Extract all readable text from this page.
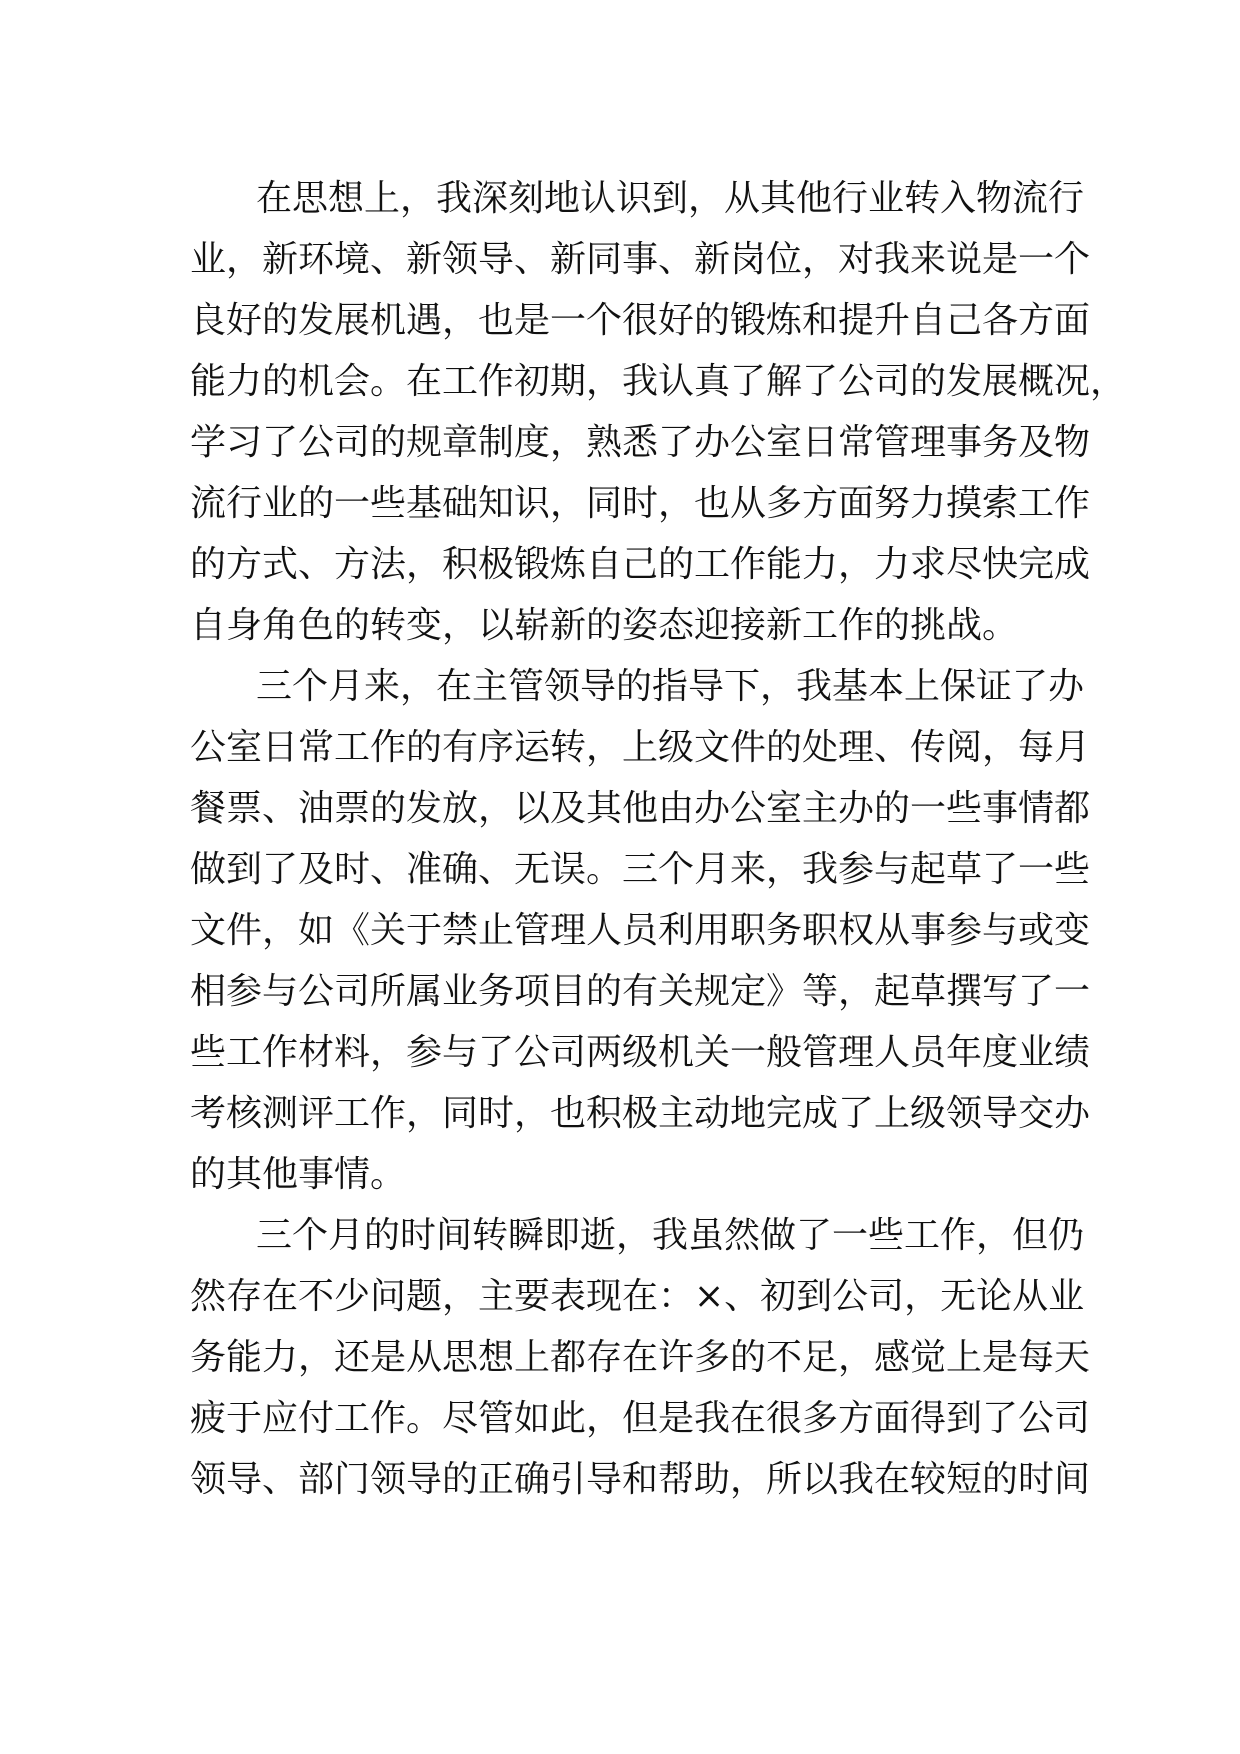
在思想上，我深刻地认识到，从其他行业转入物流行
业，新环境、新领导、新同事、新岗位，对我来说是一个
良好的发展机遇，也是一个很好的锻炼和提升自己各方面
能力的机会。在工作初期，我认真了解了公司的发展概况，
学习了公司的规章制度，熟悉了办公室日常管理事务及物
流行业的一些基础知识，同时，也从多方面努力摸索工作
的方式、方法，积极锻炼自己的工作能力，力求尽快完成
自身角色的转变，以崭新的姿态迎接新工作的挑战。
三个月来，在主管领导的指导下，我基本上保证了办
公室日常工作的有序运转，上级文件的处理、传阅，每月
餐票、油票的发放，以及其他由办公室主办的一些事情都
做到了及时、准确、无误。三个月来，我参与起草了一些
文件，如《关于禁止管理人员利用职务职权从事参与或变
相参与公司所属业务项目的有关规定》等，起草撰写了一
些工作材料，参与了公司两级机关一般管理人员年度业绩
考核测评工作，同时，也积极主动地完成了上级领导交办
的其他事情。
三个月的时间转瞬即逝，我虽然做了一些工作，但仍
然存在不少问题，主要表现在：×、初到公司，无论从业
务能力，还是从思想上都存在许多的不足，感觉上是每天
疲于应付工作。尽管如此，但是我在很多方面得到了公司
领导、部门领导的正确引导和帮助，所以我在较短的时间
